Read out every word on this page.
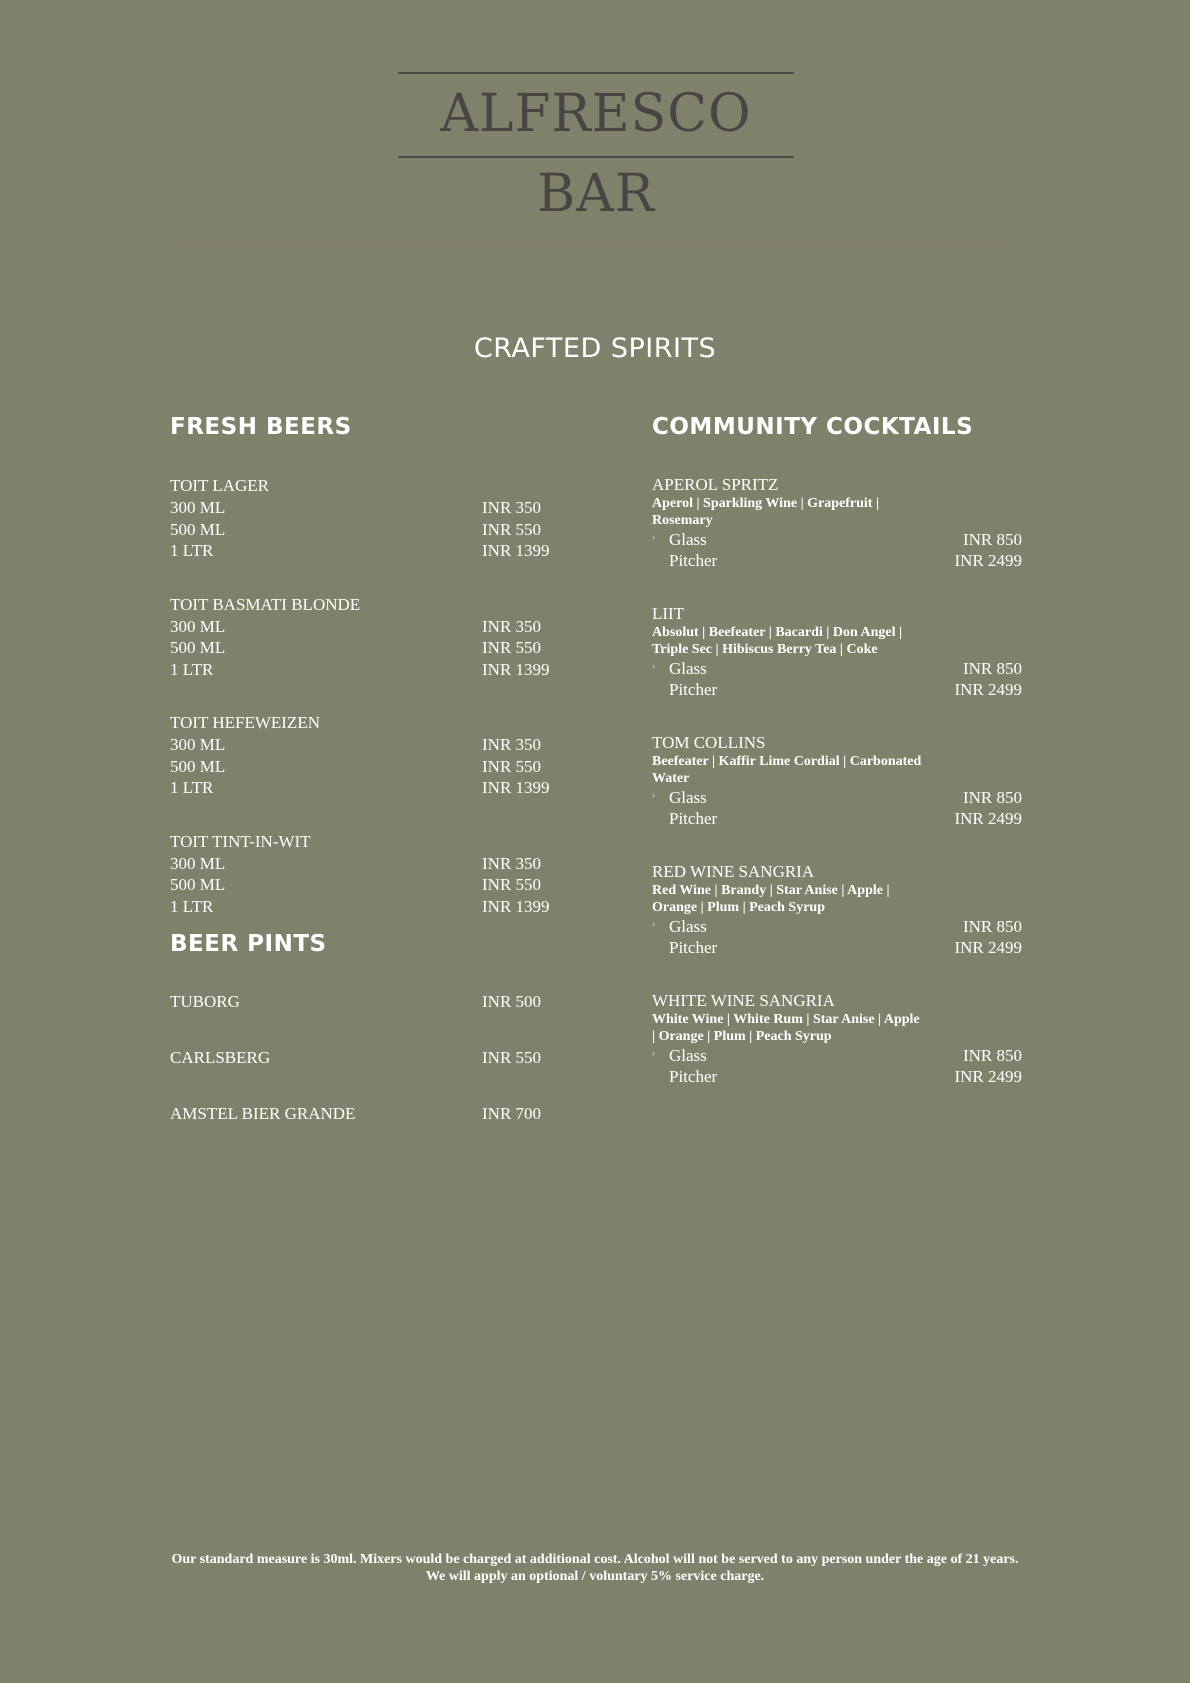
ALFRESCO BAR
CRAFTED SPIRITS
FRESH BEERS
TOIT LAGER
300 ML	INR 350
500 ML	INR 550
1 LTR	INR 1399
TOIT BASMATI BLONDE
300 ML	INR 350
500 ML	INR 550
1 LTR	INR 1399
TOIT HEFEWEIZEN
300 ML	INR 350
500 ML	INR 550
1 LTR	INR 1399
TOIT TINT-IN-WIT
300 ML	INR 350
500 ML	INR 550
1 LTR	INR 1399
BEER PINTS
TUBORG	INR 500
CARLSBERG	INR 550
AMSTEL BIER GRANDE	INR 700
COMMUNITY COCKTAILS
APEROL SPRITZ
Aperol | Sparkling Wine | Grapefruit | Rosemary
› Glass	INR 850
Pitcher	INR 2499
LIIT
Absolut | Beefeater | Bacardi | Don Angel | Triple Sec | Hibiscus Berry Tea | Coke
› Glass	INR 850
Pitcher	INR 2499
TOM COLLINS
Beefeater | Kaffir Lime Cordial | Carbonated Water
› Glass	INR 850
Pitcher	INR 2499
RED WINE SANGRIA
Red Wine | Brandy | Star Anise | Apple | Orange | Plum | Peach Syrup
› Glass	INR 850
Pitcher	INR 2499
WHITE WINE SANGRIA
White Wine | White Rum | Star Anise | Apple | Orange | Plum | Peach Syrup
› Glass	INR 850
Pitcher	INR 2499
Our standard measure is 30ml. Mixers would be charged at additional cost. Alcohol will not be served to any person under the age of 21 years.
We will apply an optional / voluntary 5% service charge.
